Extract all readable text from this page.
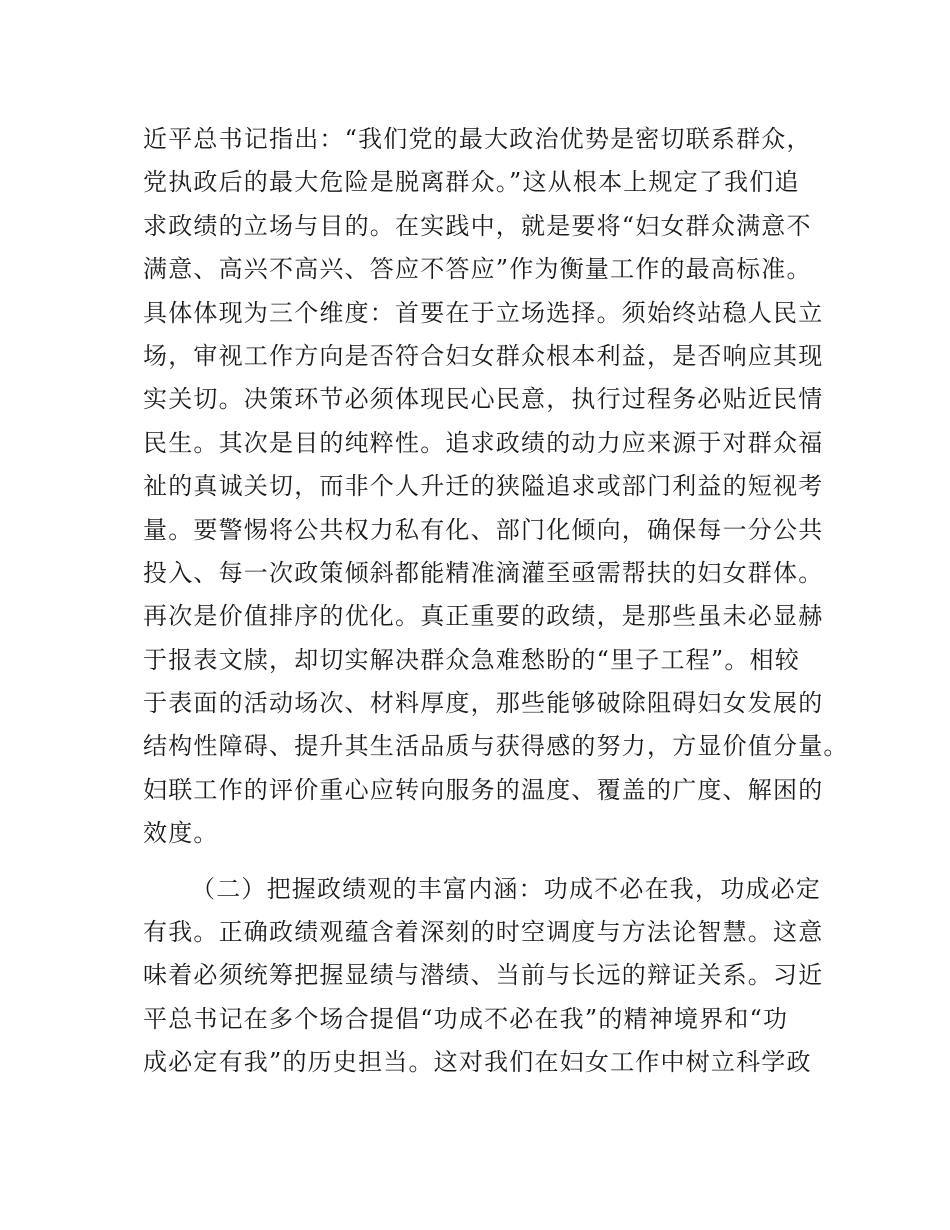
近平总书记指出：“我们党的最大政治优势是密切联系群众，
党执政后的最大危险是脱离群众。”这从根本上规定了我们追
求政绩的立场与目的。在实践中，就是要将“妇女群众满意不
满意、高兴不高兴、答应不答应”作为衡量工作的最高标准。
具体体现为三个维度：首要在于立场选择。须始终站稳人民立
场，审视工作方向是否符合妇女群众根本利益，是否响应其现
实关切。决策环节必须体现民心民意，执行过程务必贴近民情
民生。其次是目的纯粹性。追求政绩的动力应来源于对群众福
祉的真诚关切，而非个人升迁的狭隘追求或部门利益的短视考
量。要警惕将公共权力私有化、部门化倾向，确保每一分公共
投入、每一次政策倾斜都能精准滴灌至亟需帮扶的妇女群体。
再次是价值排序的优化。真正重要的政绩，是那些虽未必显赫
于报表文牍，却切实解决群众急难愁盼的“里子工程”。相较
于表面的活动场次、材料厚度，那些能够破除阻碍妇女发展的
结构性障碍、提升其生活品质与获得感的努力，方显价值分量。
妇联工作的评价重心应转向服务的温度、覆盖的广度、解困的
效度。
（二）把握政绩观的丰富内涵：功成不必在我，功成必定
有我。正确政绩观蕴含着深刻的时空调度与方法论智慧。这意
味着必须统筹把握显绩与潜绩、当前与长远的辩证关系。习近
平总书记在多个场合提倡“功成不必在我”的精神境界和“功
成必定有我”的历史担当。这对我们在妇女工作中树立科学政
